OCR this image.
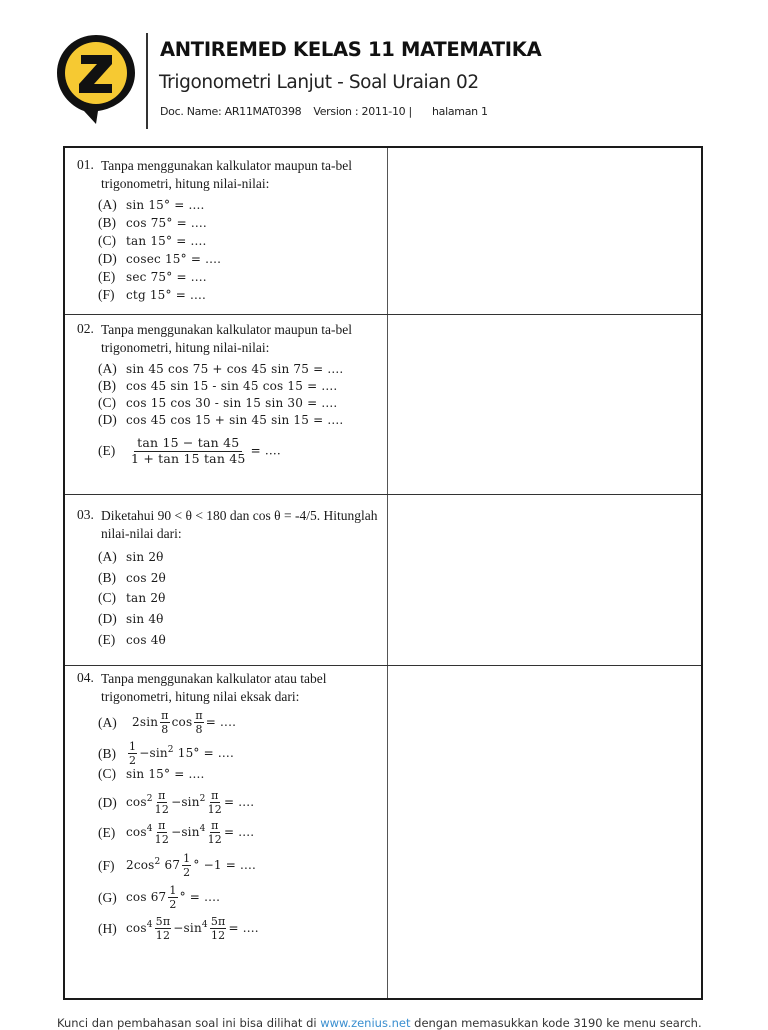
ANTIREMED KELAS 11 MATEMATIKA
Trigonometri Lanjut - Soal Uraian 02
Doc. Name: AR11MAT0398 Version : 2011-10 | halaman 1
01. Tanpa menggunakan kalkulator maupun ta-bel trigonometri, hitung nilai-nilai:
(A) sin 15° = ....
(B) cos 75° = ....
(C) tan 15° = ....
(D) cosec 15° = ....
(E) sec 75° = ....
(F) ctg 15° = ....
02. Tanpa menggunakan kalkulator maupun ta-bel trigonometri, hitung nilai-nilai:
(A) sin 45 cos 75 + cos 45 sin 75 = ....
(B) cos 45 sin 15 - sin 45 cos 15 = ....
(C) cos 15 cos 30 - sin 15 sin 30 = ....
(D) cos 45 cos 15 + sin 45 sin 15 = ....
(E)	$\frac{\tan 15 - \tan 45}{1 + \tan 15 \tan 45}$ = ....
03. Diketahui 90 < θ < 180 dan cos θ = -4/5. Hitunglah nilai-nilai dari:
(A) sin 2θ
(B) cos 2θ
(C) tan 2θ
(D) sin 4θ
(E) cos 4θ
04. Tanpa menggunakan kalkulator atau tabel trigonometri, hitung nilai eksak dari:
(A)	$2\sin \frac{\pi}{8}$ $\cos \frac{\pi}{8}$ = ....
(B)	$\frac{1}{2} -\sin^2$ 15° = ....
(C) sin 15° = ....
(D) $\cos^2 \frac{\pi}{12} -\sin^2 \frac{\pi}{12}$ = ....
(E) $\cos^4 \frac{\pi}{12} -\sin^4 \frac{\pi}{12}$ = ....
(F) $2\cos^2$ $67 \frac{1}{2}$ ° −1 = ....
(G) $\cos 67 \frac{1}{2}$ ° = ....
(H) $\cos^4 \frac{5\pi}{12} -\sin^4 \frac{5\pi}{12}$ = ....
Kunci dan pembahasan soal ini bisa dilihat di www.zenius.net dengan memasukkan kode 3190 ke menu search.
